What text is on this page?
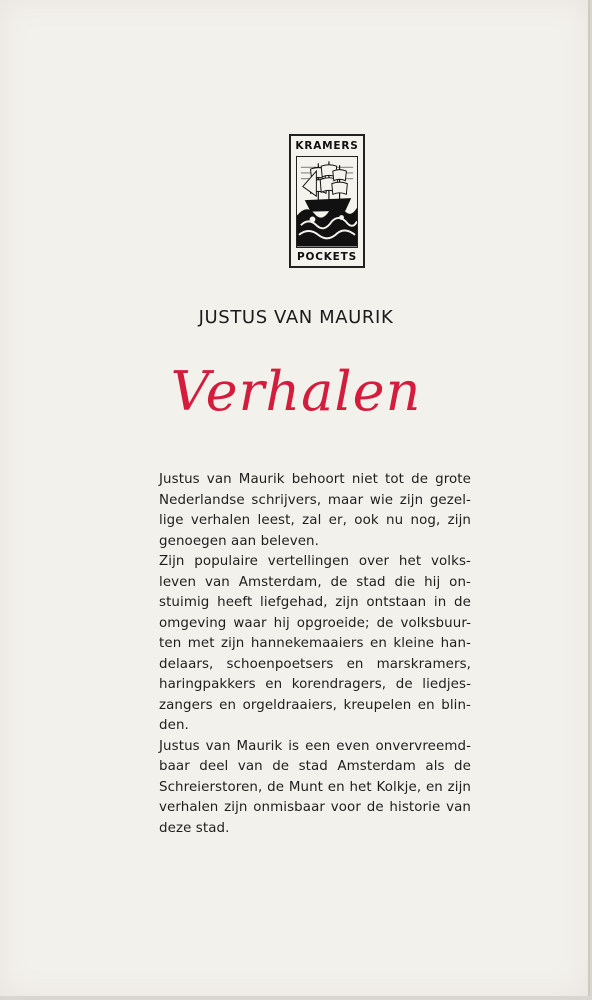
KRAMERS
POCKETS
JUSTUS VAN MAURIK
Verhalen
Justus van Maurik behoort niet tot de grote
Nederlandse schrijvers, maar wie zijn gezel-
lige verhalen leest, zal er, ook nu nog, zijn
genoegen aan beleven.
Zijn populaire vertellingen over het volks-
leven van Amsterdam, de stad die hij on-
stuimig heeft liefgehad, zijn ontstaan in de
omgeving waar hij opgroeide; de volksbuur-
ten met zijn hannekemaaiers en kleine han-
delaars, schoenpoetsers en marskramers,
haringpakkers en korendragers, de liedjes-
zangers en orgeldraaiers, kreupelen en blin-
den.
Justus van Maurik is een even onvervreemd-
baar deel van de stad Amsterdam als de
Schreierstoren, de Munt en het Kolkje, en zijn
verhalen zijn onmisbaar voor de historie van
deze stad.
